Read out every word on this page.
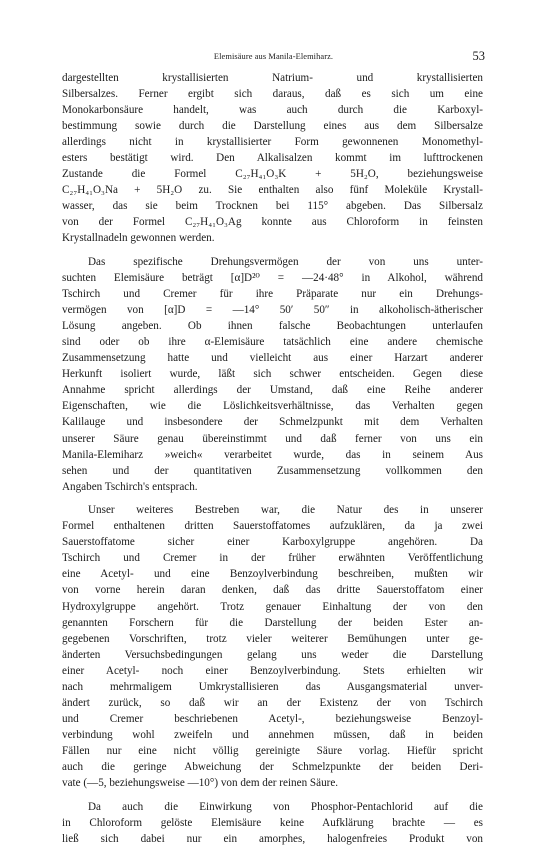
Elemisäure aus Manila-Elemiharz.	53
dargestellten krystallisierten Natrium- und krystallisierten
Silbersalzes. Ferner ergibt sich daraus, daß es sich um eine
Monokarbonsäure handelt, was auch durch die Karboxyl-
bestimmung sowie durch die Darstellung eines aus dem Silbersalze
allerdings nicht in krystallisierter Form gewonnenen Monomethyl-
esters bestätigt wird. Den Alkalisalzen kommt im lufttrockenen
Zustande die Formel C₂₇H₄₁O₃K + 5H₂O, beziehungsweise
C₂₇H₄₁O₃Na + 5H₂O zu. Sie enthalten also fünf Moleküle Krystall-
wasser, das sie beim Trocknen bei 115° abgeben. Das Silbersalz
von der Formel C₂₇H₄₁O₃Ag konnte aus Chloroform in feinsten
Krystallnadeln gewonnen werden.
Das spezifische Drehungsvermögen der von uns unter-
suchten Elemisäure beträgt [α]D²⁰ = —24·48° in Alkohol, während
Tschirch und Cremer für ihre Präparate nur ein Drehungs-
vermögen von [α]D = —14° 50′ 50″ in alkoholisch-ätherischer
Lösung angeben. Ob ihnen falsche Beobachtungen unterlaufen
sind oder ob ihre α-Elemisäure tatsächlich eine andere chemische
Zusammensetzung hatte und vielleicht aus einer Harzart anderer
Herkunft isoliert wurde, läßt sich schwer entscheiden. Gegen diese
Annahme spricht allerdings der Umstand, daß eine Reihe anderer
Eigenschaften, wie die Löslichkeitsverhältnisse, das Verhalten gegen
Kalilauge und insbesondere der Schmelzpunkt mit dem Verhalten
unserer Säure genau übereinstimmt und daß ferner von uns ein
Manila-Elemiharz »weich« verarbeitet wurde, das in seinem Aus
sehen und der quantitativen Zusammensetzung vollkommen den
Angaben Tschirch's entsprach.
Unser weiteres Bestreben war, die Natur des in unserer
Formel enthaltenen dritten Sauerstoffatomes aufzuklären, da ja zwei
Sauerstoffatome sicher einer Karboxylgruppe angehören. Da
Tschirch und Cremer in der früher erwähnten Veröffentlichung
eine Acetyl- und eine Benzoylverbindung beschreiben, mußten wir
von vorne herein daran denken, daß das dritte Sauerstoffatom einer
Hydroxylgruppe angehört. Trotz genauer Einhaltung der von den
genannten Forschern für die Darstellung der beiden Ester an-
gegebenen Vorschriften, trotz vieler weiterer Bemühungen unter ge-
änderten Versuchsbedingungen gelang uns weder die Darstellung
einer Acetyl- noch einer Benzoylverbindung. Stets erhielten wir
nach mehrmaligem Umkrystallisieren das Ausgangsmaterial unver-
ändert zurück, so daß wir an der Existenz der von Tschirch
und Cremer beschriebenen Acetyl-, beziehungsweise Benzoyl-
verbindung wohl zweifeln und annehmen müssen, daß in beiden
Fällen nur eine nicht völlig gereinigte Säure vorlag. Hiefür spricht
auch die geringe Abweichung der Schmelzpunkte der beiden Deri-
vate (—5, beziehungsweise —10°) von dem der reinen Säure.
Da auch die Einwirkung von Phosphor-Pentachlorid auf die
in Chloroform gelöste Elemisäure keine Aufklärung brachte — es
ließ sich dabei nur ein amorphes, halogenfreies Produkt von
